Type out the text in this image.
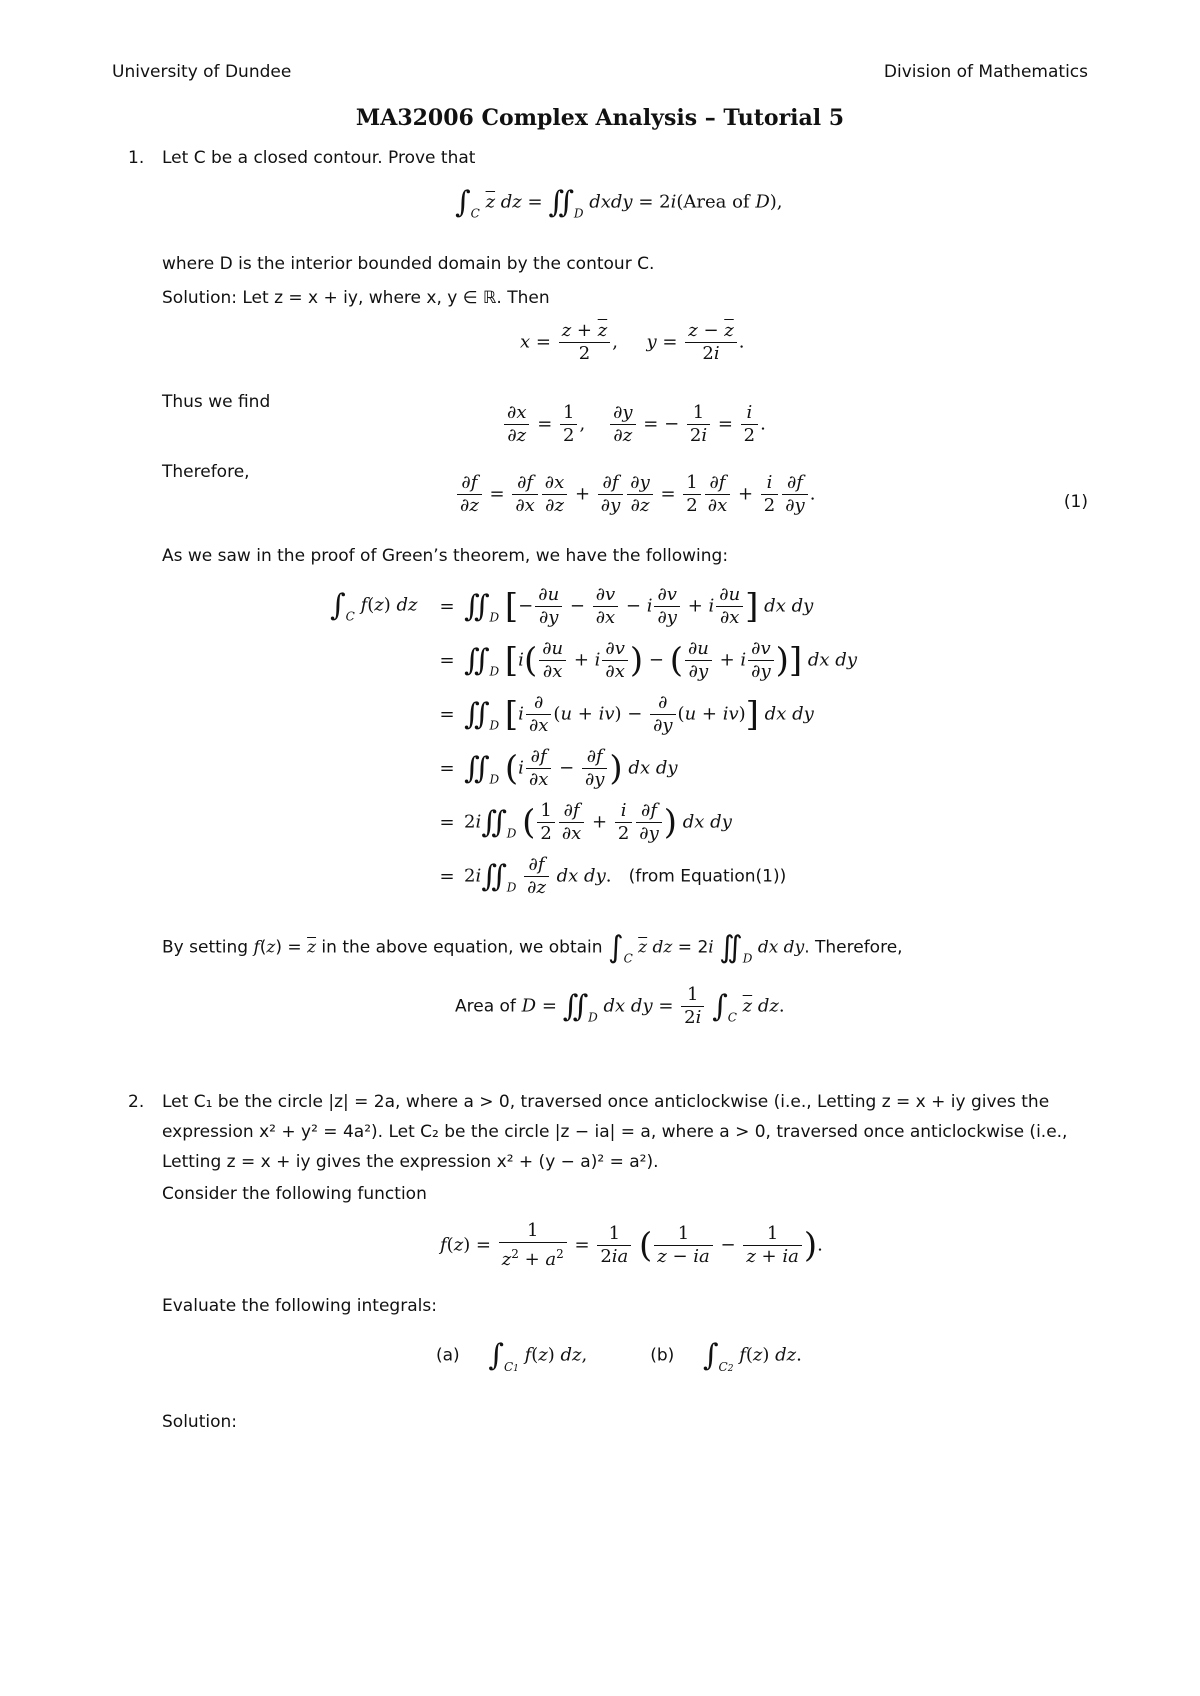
University of Dundee	Division of Mathematics
MA32006 Complex Analysis – Tutorial 5
1. Let C be a closed contour. Prove that
$\int_C$ $\overline{z}$ dz = $∬_D$ dxdy = 2i(Area of D),
where D is the interior bounded domain by the contour C.
Solution: Let z = x + iy, where x, y ∈ ℝ. Then
$x = \frac{z + \overline{z}}{2}$ ,     $y = \frac{z - \overline{z}}{2i}$ .
Thus we find	$\frac{\partial x}{\partial\overline{z}} = \frac{1}{2}$ , $\frac{\partial y}{\partial\overline{z}}$ = − $\frac{1}{2i} = \frac{i}{2}$ .
Therefore,	$\frac{\partial f}{\partial\overline{z}} = \frac{\partial f}{\partial x} \frac{\partial x}{\partial\overline{z}} + \frac{\partial f}{\partial y} \frac{\partial y}{\partial\overline{z}} = \frac{1}{2} \frac{\partial f}{\partial x} + \frac{i}{2} \frac{\partial f}{\partial y}$ .	(1)
As we saw in the proof of Green’s theorem, we have the following:
$\int_C$ f(z) dz	= $∬_D$ [− $\frac{\partial u}{\partial y} - \frac{\partial v}{\partial x} - i \frac{\partial v}{\partial y} + i \frac{\partial u}{\partial x}$ ] dx dy
= $∬_D$ [$i( \frac{\partial u}{\partial x} + i \frac{\partial v}{\partial x}$ ) − ( $\frac{\partial u}{\partial y} + i \frac{\partial v}{\partial y}$ )] dx dy
= $∬_D$ $[i \frac{\partial}{\partial x} (u + iv) - \frac{\partial}{\partial y} (u + iv)]$ dx dy
= $∬_D$ ($i \frac{\partial f}{\partial x} - \frac{\partial f}{\partial y}$ ) dx dy
= $2i∬_D$ ( $\frac{1}{2} \frac{\partial f}{\partial x} + \frac{i}{2} \frac{\partial f}{\partial y}$ ) dx dy
= $2i∬_D \frac{\partial f}{\partial\overline{z}}$ dx dy.   (from Equation(1))
By setting $f(z) = \overline{z}$ in the above equation, we obtain $\int_C$ $\overline{z}$ dz = 2i $∬_D$ dx dy. Therefore,
Area of $D = ∬_D$ dx dy = $\frac{1}{2i} \int_C$ $\overline{z}$ dz.
2. Let C₁ be the circle |z| = 2a, where a > 0, traversed once anticlockwise (i.e., Letting z = x + iy gives the expression x² + y² = 4a²). Let C₂ be the circle |z − ia| = a, where a > 0, traversed once anticlockwise (i.e., Letting z = x + iy gives the expression x² + (y − a)² = a²).
Consider the following function
$f(z) = \frac{1}{z^2 + a^2} = \frac{1}{2ia}$ ( $\frac{1}{z - ia} - \frac{1}{z + ia}$ ).
Evaluate the following integrals:
(a) $\int_{C1}$ f(z) dz,           (b) $\int_{C2}$ f(z) dz.
Solution:
